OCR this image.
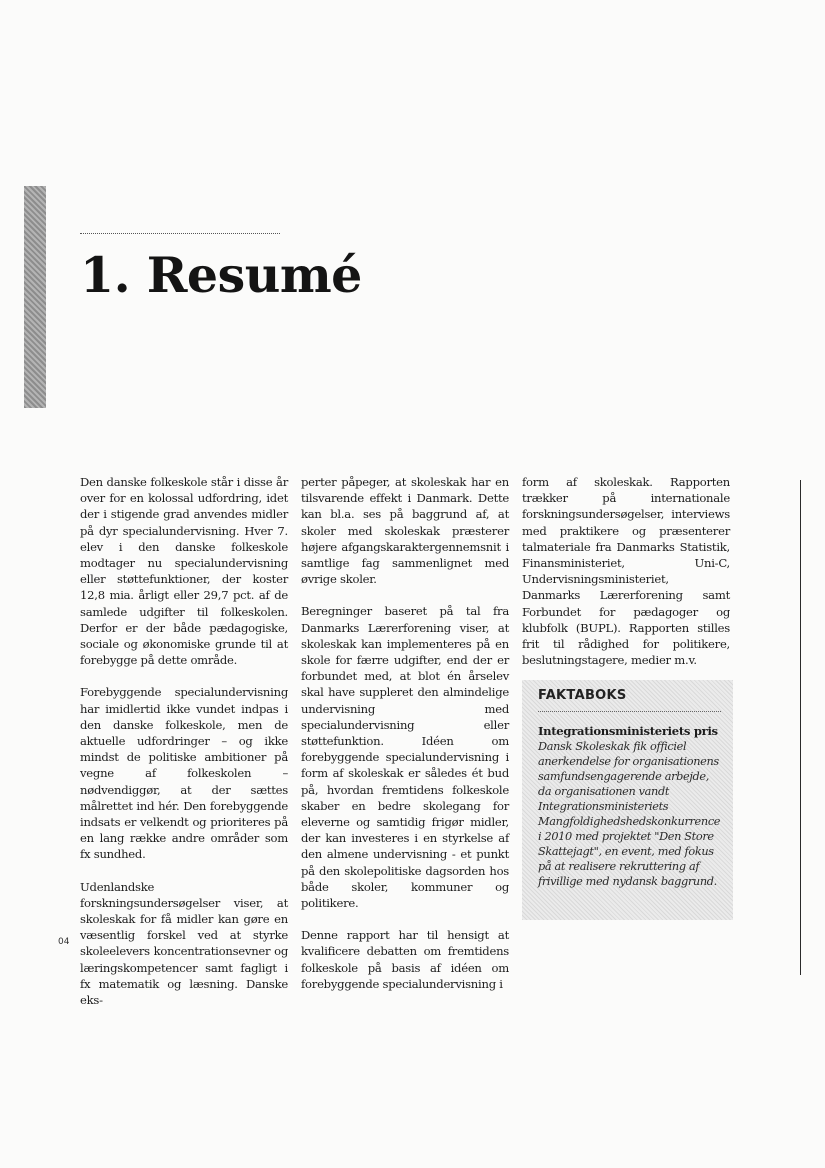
1. Resumé

Den danske folkeskole står i disse år over for en kolossal udfordring, idet der i stigende grad anvendes midler på dyr specialundervisning. Hver 7. elev i den danske folkeskole modtager nu specialundervisning eller støttefunktioner, der koster 12,8 mia. årligt eller 29,7 pct. af de samlede udgifter til folkeskolen. Derfor er der både pædagogiske, sociale og økonomiske grunde til at forebygge på dette område.

Forebyggende specialundervisning har imidlertid ikke vundet indpas i den danske folkeskole, men de aktuelle udfordringer – og ikke mindst de politiske ambitioner på vegne af folkeskolen – nødvendiggør, at der sættes målrettet ind hér. Den forebyggende indsats er velkendt og prioriteres på en lang række andre områder som fx sundhed.

Udenlandske forskningsundersøgelser viser, at skoleskak for få midler kan gøre en væsentlig forskel ved at styrke skoleelevers koncentrationsevner og læringskompetencer samt fagligt i fx matematik og læsning. Danske eks-

perter påpeger, at skoleskak har en tilsvarende effekt i Danmark. Dette kan bl.a. ses på baggrund af, at skoler med skoleskak præsterer højere afgangskaraktergennemsnit i samtlige fag sammenlignet med øvrige skoler.

Beregninger baseret på tal fra Danmarks Lærerforening viser, at skoleskak kan implementeres på en skole for færre udgifter, end der er forbundet med, at blot én årselev skal have suppleret den almindelige undervisning med specialundervisning eller støttefunktion. Idéen om forebyggende specialundervisning i form af skoleskak er således ét bud på, hvordan fremtidens folkeskole skaber en bedre skolegang for eleverne og samtidig frigør midler, der kan investeres i en styrkelse af den almene undervisning - et punkt på den skolepolitiske dagsorden hos både skoler, kommuner og politikere.

Denne rapport har til hensigt at kvalificere debatten om fremtidens folkeskole på basis af idéen om forebyggende specialundervisning i

form af skoleskak. Rapporten trækker på internationale forskningsundersøgelser, interviews med praktikere og præsenterer talmateriale fra Danmarks Statistik, Finansministeriet, Uni-C, Undervisningsministeriet, Danmarks Lærerforening samt Forbundet for pædagoger og klubfolk (BUPL). Rapporten stilles frit til rådighed for politikere, beslutningstagere, medier m.v.

FAKTABOKS
Integrationsministeriets pris

Dansk Skoleskak fik officiel anerkendelse for organisationens samfundsengagerende arbejde, da organisationen vandt Integrationsministeriets Mangfoldighedshedskonkurrence i 2010 med projektet "Den Store Skattejagt", en event, med fokus på at realisere rekruttering af frivillige med nydansk baggrund.

04
